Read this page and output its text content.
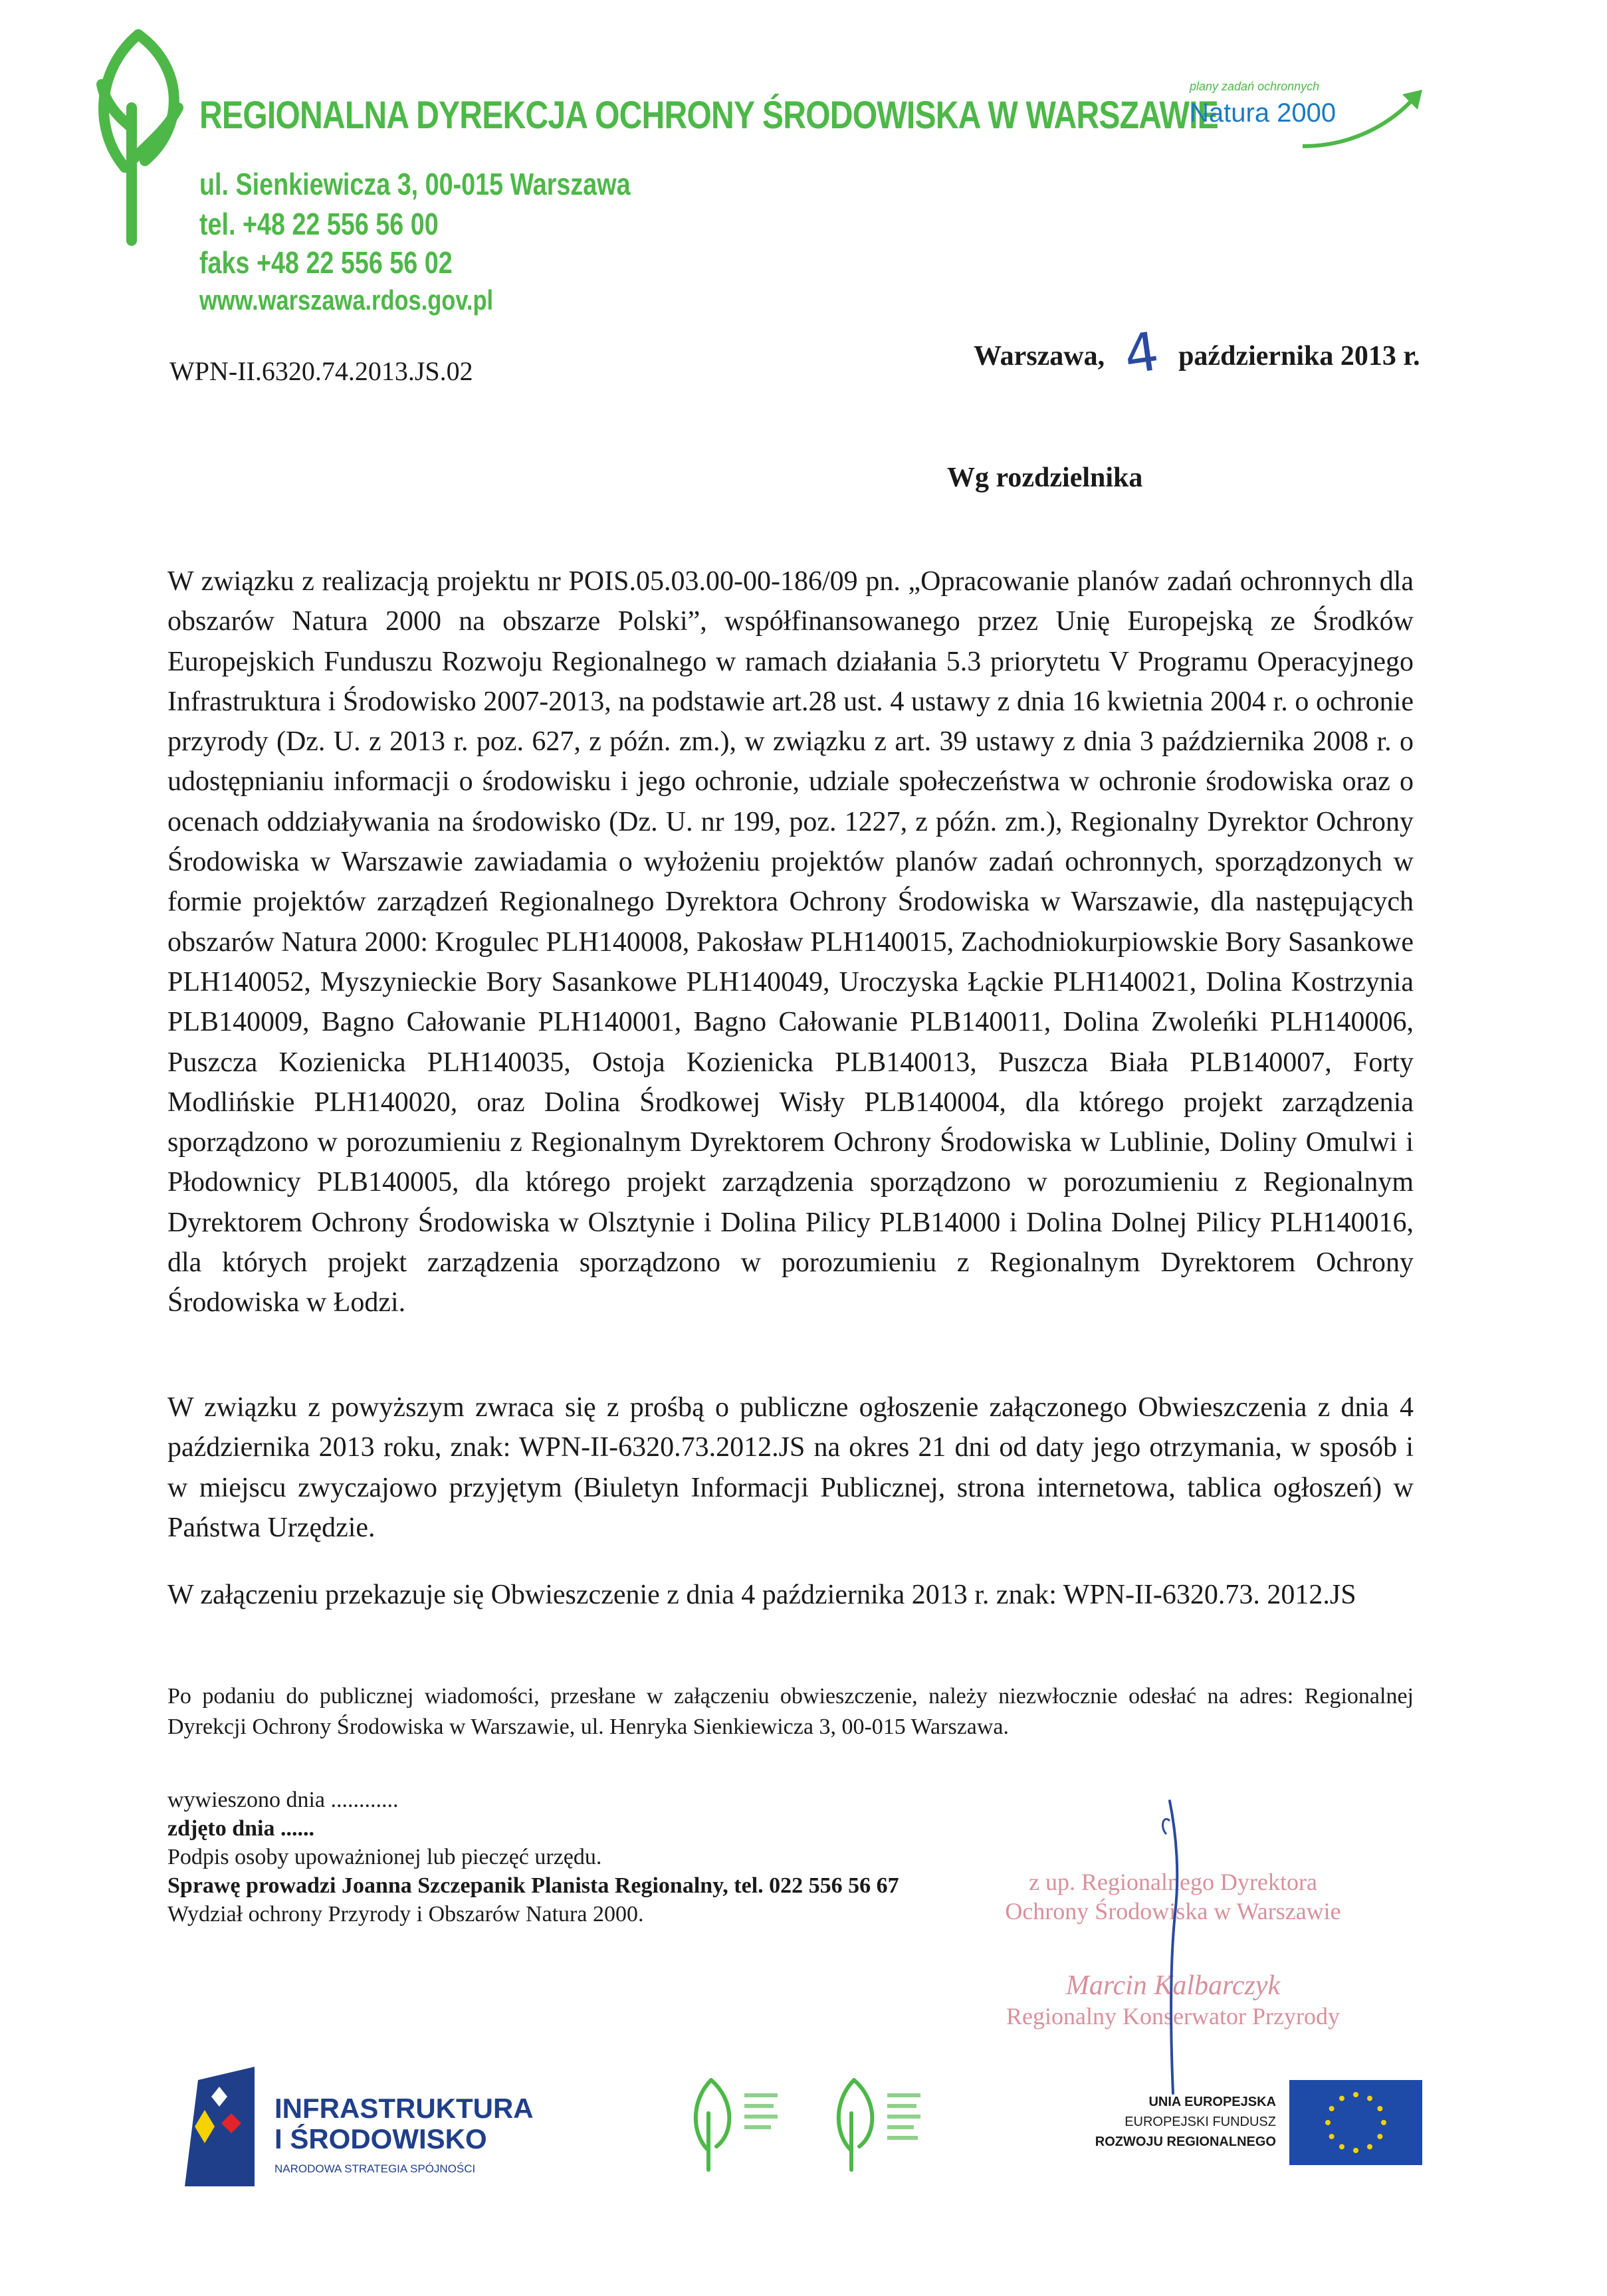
REGIONALNA DYREKCJA OCHRONY ŚRODOWISKA W WARSZAWIE
ul. Sienkiewicza 3, 00-015 Warszawa
tel. +48 22 556 56 00
faks +48 22 556 56 02
www.warszawa.rdos.gov.pl
plany zadań ochronnych
Natura 2000
WPN-II.6320.74.2013.JS.02	Warszawa, 4 października 2013 r.
Wg rozdzielnika
W związku z realizacją projektu nr POIS.05.03.00-00-186/09 pn. „Opracowanie planów zadań ochronnych dla obszarów Natura 2000 na obszarze Polski”, współfinansowanego przez Unię Europejską ze Środków Europejskich Funduszu Rozwoju Regionalnego w ramach działania 5.3 priorytetu V Programu Operacyjnego Infrastruktura i Środowisko 2007-2013, na podstawie art.28 ust. 4 ustawy z dnia 16 kwietnia 2004 r. o ochronie przyrody (Dz. U. z 2013 r. poz. 627, z późn. zm.), w związku z art. 39 ustawy z dnia 3 października 2008 r. o udostępnianiu informacji o środowisku i jego ochronie, udziale społeczeństwa w ochronie środowiska oraz o ocenach oddziaływania na środowisko (Dz. U. nr 199, poz. 1227, z późn. zm.), Regionalny Dyrektor Ochrony Środowiska w Warszawie zawiadamia o wyłożeniu projektów planów zadań ochronnych, sporządzonych w formie projektów zarządzeń Regionalnego Dyrektora Ochrony Środowiska w Warszawie, dla następujących obszarów Natura 2000: Krogulec PLH140008, Pakosław PLH140015, Zachodniokurpiowskie Bory Sasankowe PLH140052, Myszynieckie Bory Sasankowe PLH140049, Uroczyska Łąckie PLH140021, Dolina Kostrzynia PLB140009, Bagno Całowanie PLH140001, Bagno Całowanie PLB140011, Dolina Zwoleńki PLH140006, Puszcza Kozienicka PLH140035, Ostoja Kozienicka PLB140013, Puszcza Biała PLB140007, Forty Modlińskie PLH140020, oraz Dolina Środkowej Wisły PLB140004, dla którego projekt zarządzenia sporządzono w porozumieniu z Regionalnym Dyrektorem Ochrony Środowiska w Lublinie, Doliny Omulwi i Płodownicy PLB140005, dla którego projekt zarządzenia sporządzono w porozumieniu z Regionalnym Dyrektorem Ochrony Środowiska w Olsztynie i Dolina Pilicy PLB14000 i Dolina Dolnej Pilicy PLH140016, dla których projekt zarządzenia sporządzono w porozumieniu z Regionalnym Dyrektorem Ochrony Środowiska w Łodzi.
W związku z powyższym zwraca się z prośbą o publiczne ogłoszenie załączonego Obwieszczenia z dnia 4 października 2013 roku, znak: WPN-II-6320.73.2012.JS na okres 21 dni od daty jego otrzymania, w sposób i w miejscu zwyczajowo przyjętym (Biuletyn Informacji Publicznej, strona internetowa, tablica ogłoszeń) w Państwa Urzędzie.
W załączeniu przekazuje się Obwieszczenie z dnia 4 października 2013 r. znak: WPN-II-6320.73. 2012.JS
Po podaniu do publicznej wiadomości, przesłane w załączeniu obwieszczenie, należy niezwłocznie odesłać na adres: Regionalnej Dyrekcji Ochrony Środowiska w Warszawie, ul. Henryka Sienkiewicza 3, 00-015 Warszawa.
wywieszono dnia ............
zdjęto dnia ......
Podpis osoby upoważnionej lub pieczęć urzędu.
Sprawę prowadzi Joanna Szczepanik Planista Regionalny, tel. 022 556 56 67
Wydział ochrony Przyrody i Obszarów Natura 2000.
z up. Regionalnego Dyrektora
Ochrony Środowiska w Warszawie
Marcin Kalbarczyk
Regionalny Konserwator Przyrody
INFRASTRUKTURA
I ŚRODOWISKO
NARODOWA STRATEGIA SPÓJNOŚCI
UNIA EUROPEJSKA
EUROPEJSKI FUNDUSZ
ROZWOJU REGIONALNEGO
